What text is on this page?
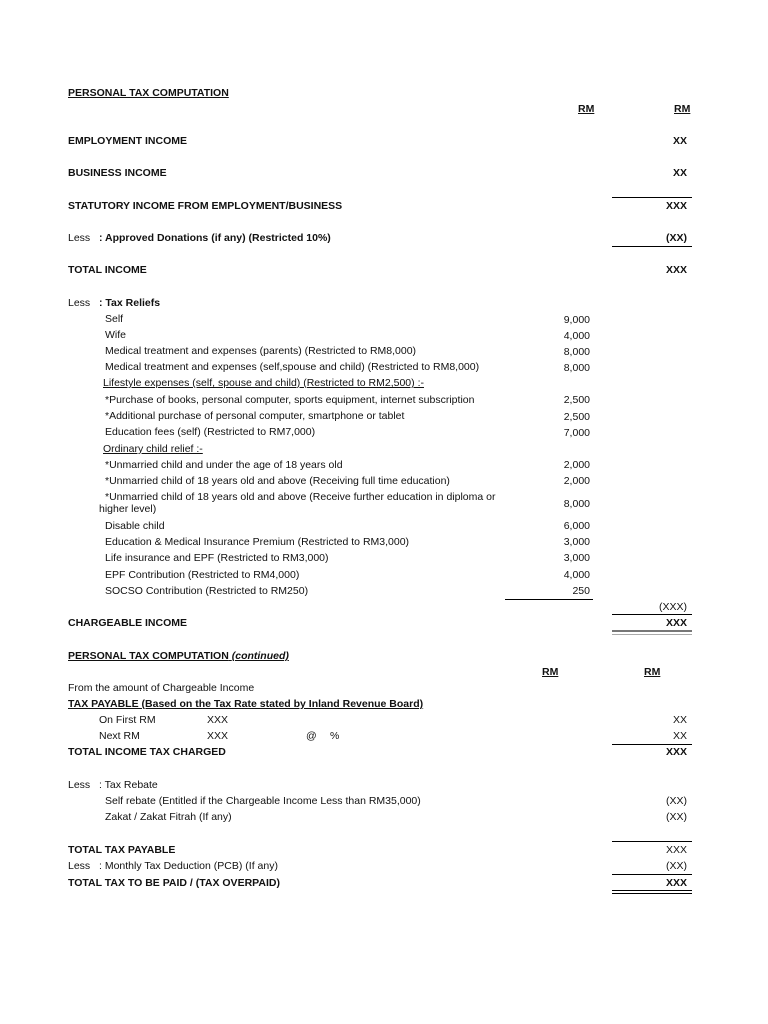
PERSONAL TAX COMPUTATION
RM	RM
EMPLOYMENT INCOME	XX
BUSINESS INCOME	XX
STATUTORY INCOME FROM EMPLOYMENT/BUSINESS	XXX
Less : Approved Donations (if any) (Restricted 10%)	(XX)
TOTAL INCOME	XXX
Less : Tax Reliefs
Self	9,000
Wife	4,000
Medical treatment and expenses (parents) (Restricted to RM8,000)	8,000
Medical treatment and expenses (self,spouse and child) (Restricted to RM8,000)	8,000
Lifestyle expenses (self, spouse and child) (Restricted to RM2,500) :-
*Purchase of books, personal computer, sports equipment, internet subscription	2,500
*Additional purchase of personal computer, smartphone or tablet	2,500
Education fees (self) (Restricted to RM7,000)	7,000
Ordinary child relief :-
*Unmarried child and under the age of 18 years old	2,000
*Unmarried child of 18 years old and above (Receiving full time education)	2,000
*Unmarried child of 18 years old and above (Receive further education in diploma or
higher level)	8,000
Disable child	6,000
Education & Medical Insurance Premium (Restricted to RM3,000)	3,000
Life insurance and EPF (Restricted to RM3,000)	3,000
EPF Contribution (Restricted to RM4,000)	4,000
SOCSO Contribution (Restricted to RM250)	250
(XXX)
CHARGEABLE INCOME	XXX
PERSONAL TAX COMPUTATION (continued)
RM	RM
From the amount of Chargeable Income
TAX PAYABLE (Based on the Tax Rate stated by Inland Revenue Board)
On First RM	XXX	XX
Next RM	XXX	@ %	XX
TOTAL INCOME TAX CHARGED	XXX
Less : Tax Rebate
Self rebate (Entitled if the Chargeable Income Less than RM35,000)	(XX)
Zakat / Zakat Fitrah (If any)	(XX)
TOTAL TAX PAYABLE	XXX
Less : Monthly Tax Deduction (PCB) (If any)	(XX)
TOTAL TAX TO BE PAID / (TAX OVERPAID)	XXX
